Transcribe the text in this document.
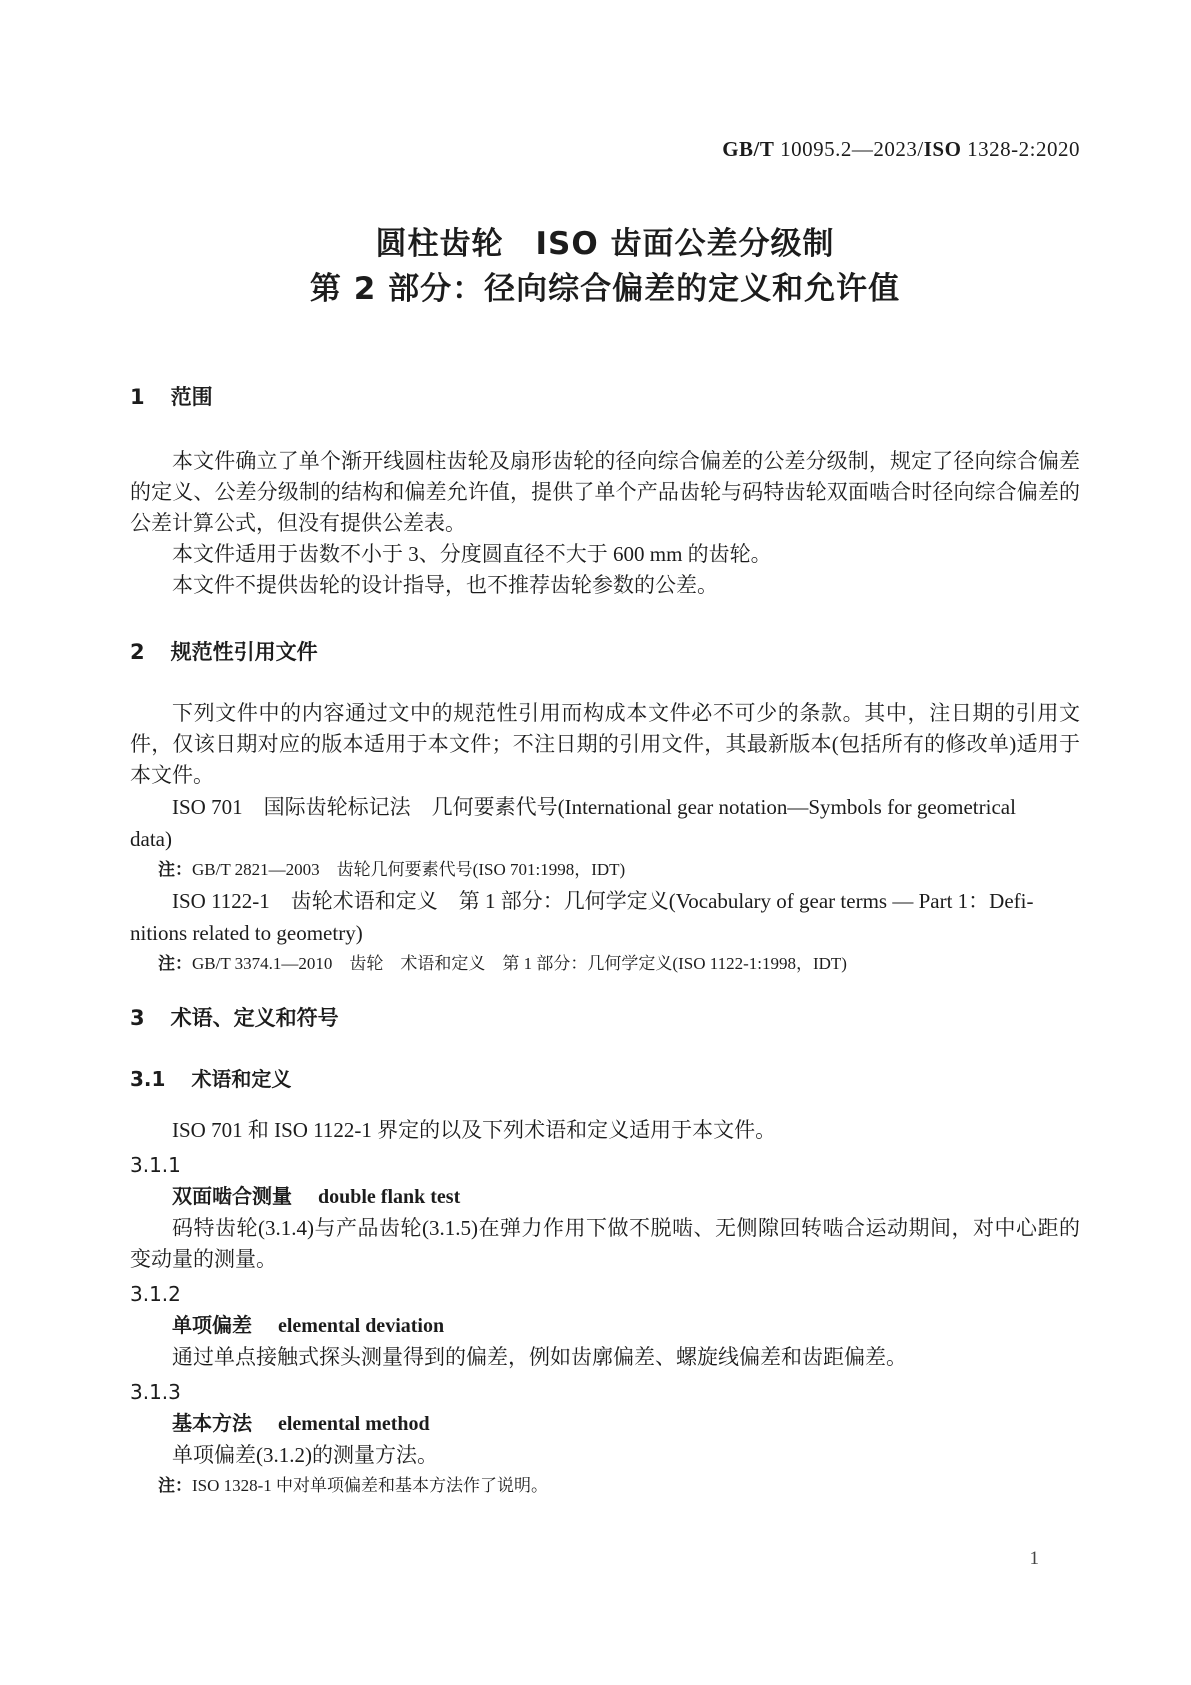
GB/T 10095.2—2023/ISO 1328-2:2020
圆柱齿轮　ISO 齿面公差分级制
第 2 部分：径向综合偏差的定义和允许值
1 范围

本文件确立了单个渐开线圆柱齿轮及扇形齿轮的径向综合偏差的公差分级制，规定了径向综合偏差的定义、公差分级制的结构和偏差允许值，提供了单个产品齿轮与码特齿轮双面啮合时径向综合偏差的公差计算公式，但没有提供公差表。

本文件适用于齿数不小于 3、分度圆直径不大于 600 mm 的齿轮。

本文件不提供齿轮的设计指导，也不推荐齿轮参数的公差。

2 规范性引用文件

下列文件中的内容通过文中的规范性引用而构成本文件必不可少的条款。其中，注日期的引用文件，仅该日期对应的版本适用于本文件；不注日期的引用文件，其最新版本(包括所有的修改单)适用于本文件。

ISO 701　国际齿轮标记法　几何要素代号(International gear notation—Symbols for geometrical
data)
注：GB/T 2821—2003　齿轮几何要素代号(ISO 701:1998，IDT)
ISO 1122-1　齿轮术语和定义　第 1 部分：几何学定义(Vocabulary of gear terms — Part 1：Defi-
nitions related to geometry)
注：GB/T 3374.1—2010　齿轮　术语和定义　第 1 部分：几何学定义(ISO 1122-1:1998，IDT)
3 术语、定义和符号
3.1 术语和定义

ISO 701 和 ISO 1122-1 界定的以及下列术语和定义适用于本文件。

3.1.1
双面啮合测量 double flank test

码特齿轮(3.1.4)与产品齿轮(3.1.5)在弹力作用下做不脱啮、无侧隙回转啮合运动期间，对中心距的变动量的测量。

3.1.2
单项偏差 elemental deviation

通过单点接触式探头测量得到的偏差，例如齿廓偏差、螺旋线偏差和齿距偏差。

3.1.3
基本方法 elemental method

单项偏差(3.1.2)的测量方法。

注：ISO 1328-1 中对单项偏差和基本方法作了说明。
1
